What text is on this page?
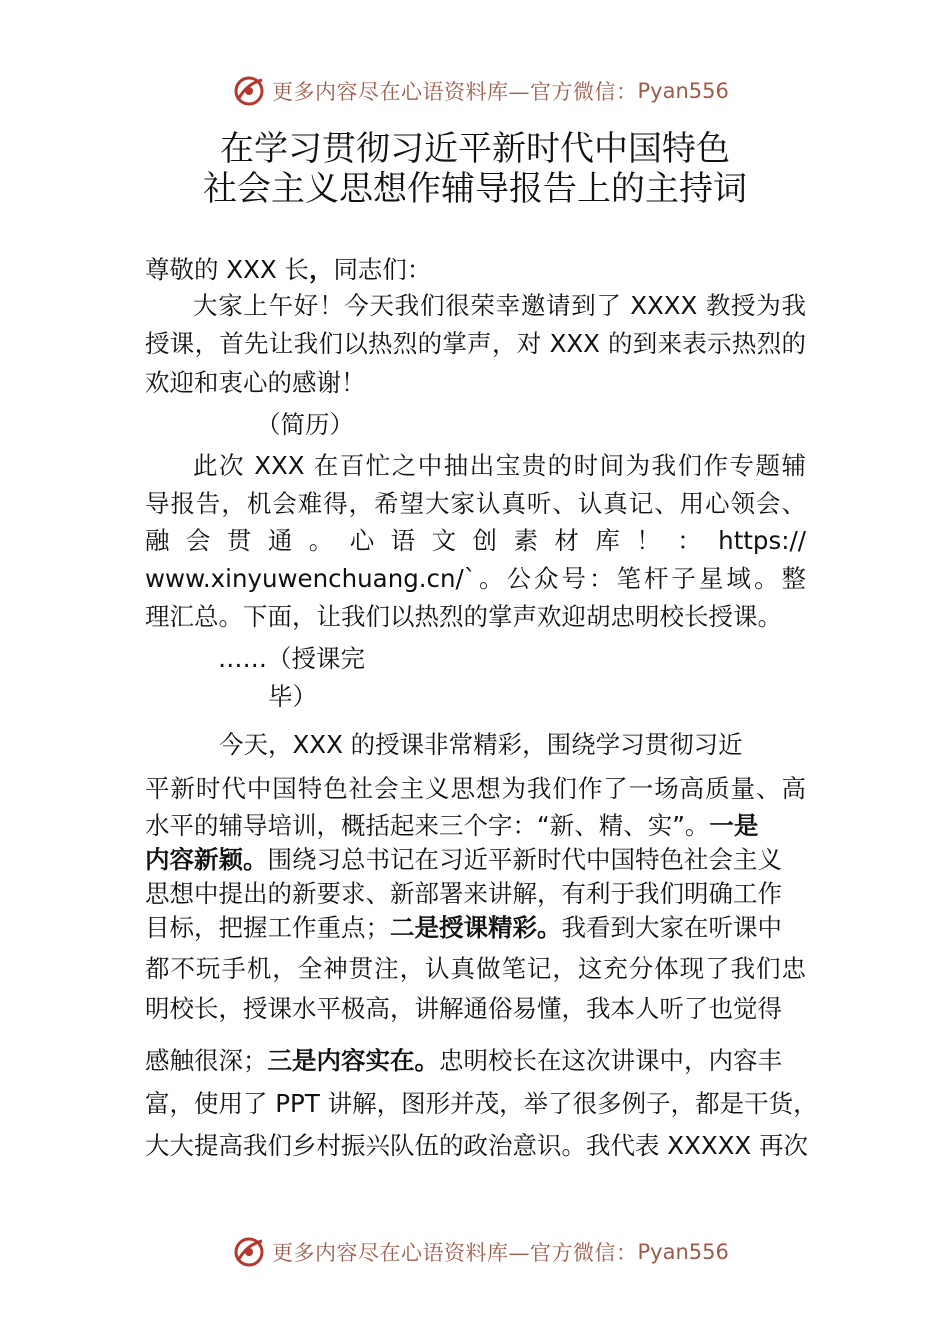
更多内容尽在心语资料库—官方微信： Pyan556
在学习贯彻习近平新时代中国特色
社会主义思想作辅导报告上的主持词
尊敬的 XXX 长，同志们：
大家上午好！今天我们很荣幸邀请到了 XXXX 教授为我
授课，首先让我们以热烈的掌声，对 XXX 的到来表示热烈的
欢迎和衷心的感谢！
（简历）
此次 XXX 在百忙之中抽出宝贵的时间为我们作专题辅
导报告，机会难得，希望大家认真听、认真记、用心领会、
融 会 贯 通 。 心 语 文 创 素 材 库 ！ ： https://
www.xinyuwenchuang.cn/`。公众号：笔杆子星域。整
理汇总。下面，让我们以热烈的掌声欢迎胡忠明校长授课。
……（授课完
毕）
今天，XXX 的授课非常精彩，围绕学习贯彻习近
平新时代中国特色社会主义思想为我们作了一场高质量、高
水平的辅导培训，概括起来三个字：“新、精、实”。一是
内容新颖。围绕习总书记在习近平新时代中国特色社会主义
思想中提出的新要求、新部署来讲解，有利于我们明确工作
目标，把握工作重点；二是授课精彩。我看到大家在听课中
都不玩手机，全神贯注，认真做笔记，这充分体现了我们忠
明校长，授课水平极高，讲解通俗易懂，我本人听了也觉得
感触很深；三是内容实在。忠明校长在这次讲课中，内容丰
富，使用了 PPT 讲解，图形并茂，举了很多例子，都是干货，
大大提高我们乡村振兴队伍的政治意识。我代表 XXXXX 再次
更多内容尽在心语资料库—官方微信： Pyan556
